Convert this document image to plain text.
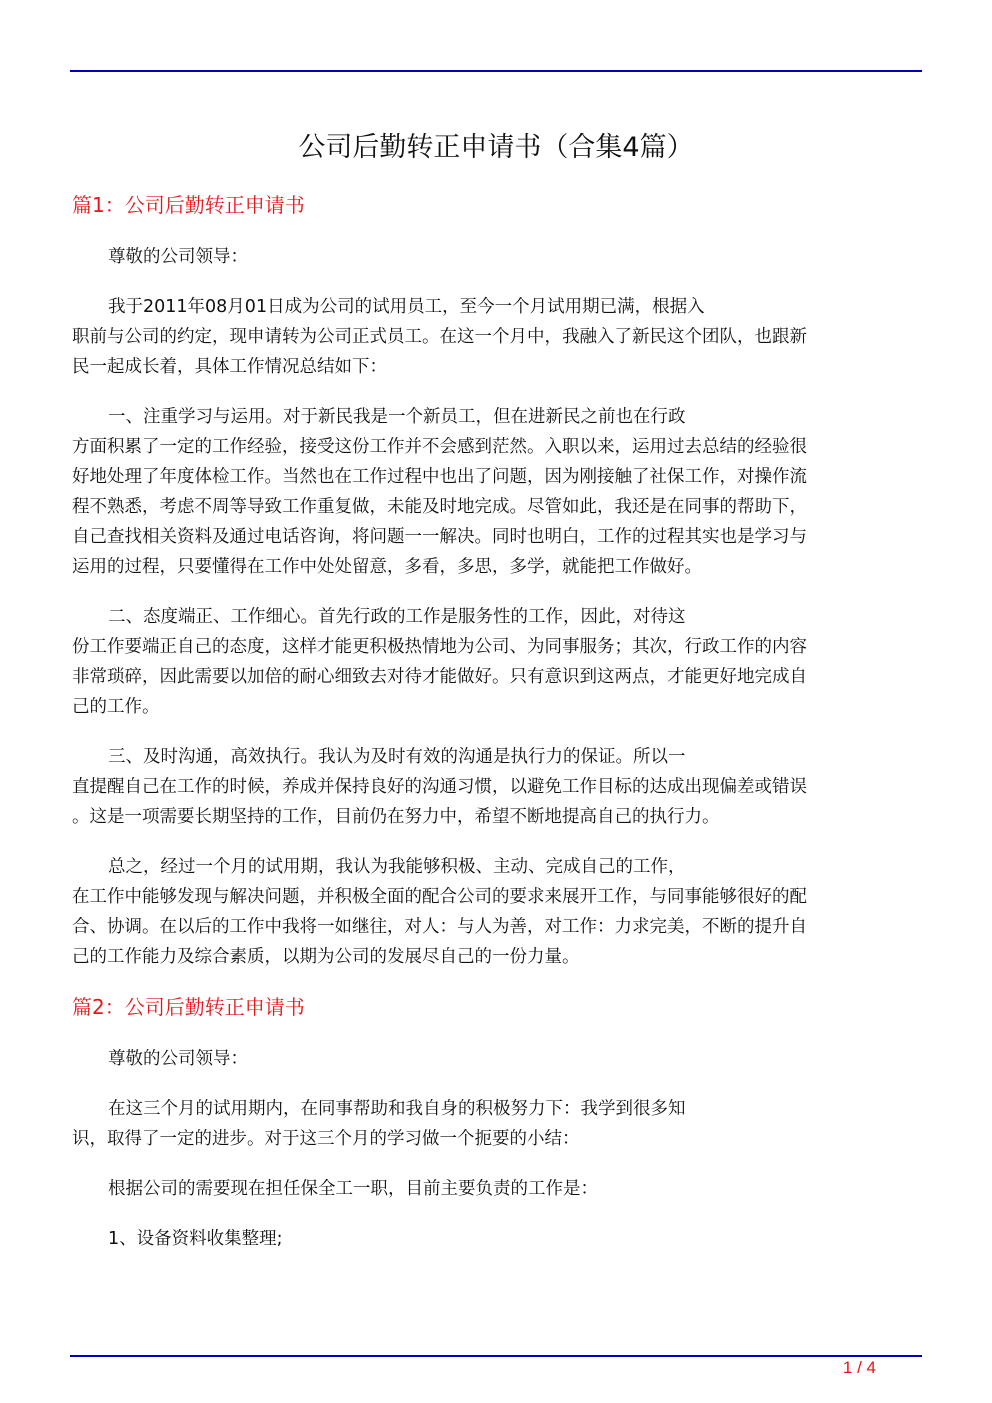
公司后勤转正申请书（合集4篇）
篇1：公司后勤转正申请书
尊敬的公司领导：
我于2011年08月01日成为公司的试用员工，至今一个月试用期已满，根据入
职前与公司的约定，现申请转为公司正式员工。在这一个月中，我融入了新民这个团队，也跟新
民一起成长着，具体工作情况总结如下：
一、注重学习与运用。对于新民我是一个新员工，但在进新民之前也在行政
方面积累了一定的工作经验，接受这份工作并不会感到茫然。入职以来，运用过去总结的经验很
好地处理了年度体检工作。当然也在工作过程中也出了问题，因为刚接触了社保工作，对操作流
程不熟悉，考虑不周等导致工作重复做，未能及时地完成。尽管如此，我还是在同事的帮助下，
自己查找相关资料及通过电话咨询，将问题一一解决。同时也明白，工作的过程其实也是学习与
运用的过程，只要懂得在工作中处处留意，多看，多思，多学，就能把工作做好。
二、态度端正、工作细心。首先行政的工作是服务性的工作，因此，对待这
份工作要端正自己的态度，这样才能更积极热情地为公司、为同事服务；其次，行政工作的内容
非常琐碎，因此需要以加倍的耐心细致去对待才能做好。只有意识到这两点，才能更好地完成自
己的工作。
三、及时沟通，高效执行。我认为及时有效的沟通是执行力的保证。所以一
直提醒自己在工作的时候，养成并保持良好的沟通习惯，以避免工作目标的达成出现偏差或错误
。这是一项需要长期坚持的工作，目前仍在努力中，希望不断地提高自己的执行力。
总之，经过一个月的试用期，我认为我能够积极、主动、完成自己的工作，
在工作中能够发现与解决问题，并积极全面的配合公司的要求来展开工作，与同事能够很好的配
合、协调。在以后的工作中我将一如继往，对人：与人为善，对工作：力求完美，不断的提升自
己的工作能力及综合素质，以期为公司的发展尽自己的一份力量。
篇2：公司后勤转正申请书
尊敬的公司领导：
在这三个月的试用期内，在同事帮助和我自身的积极努力下：我学到很多知
识，取得了一定的进步。对于这三个月的学习做一个扼要的小结：
根据公司的需要现在担任保全工一职，目前主要负责的工作是：
1、设备资料收集整理;
1 / 4
